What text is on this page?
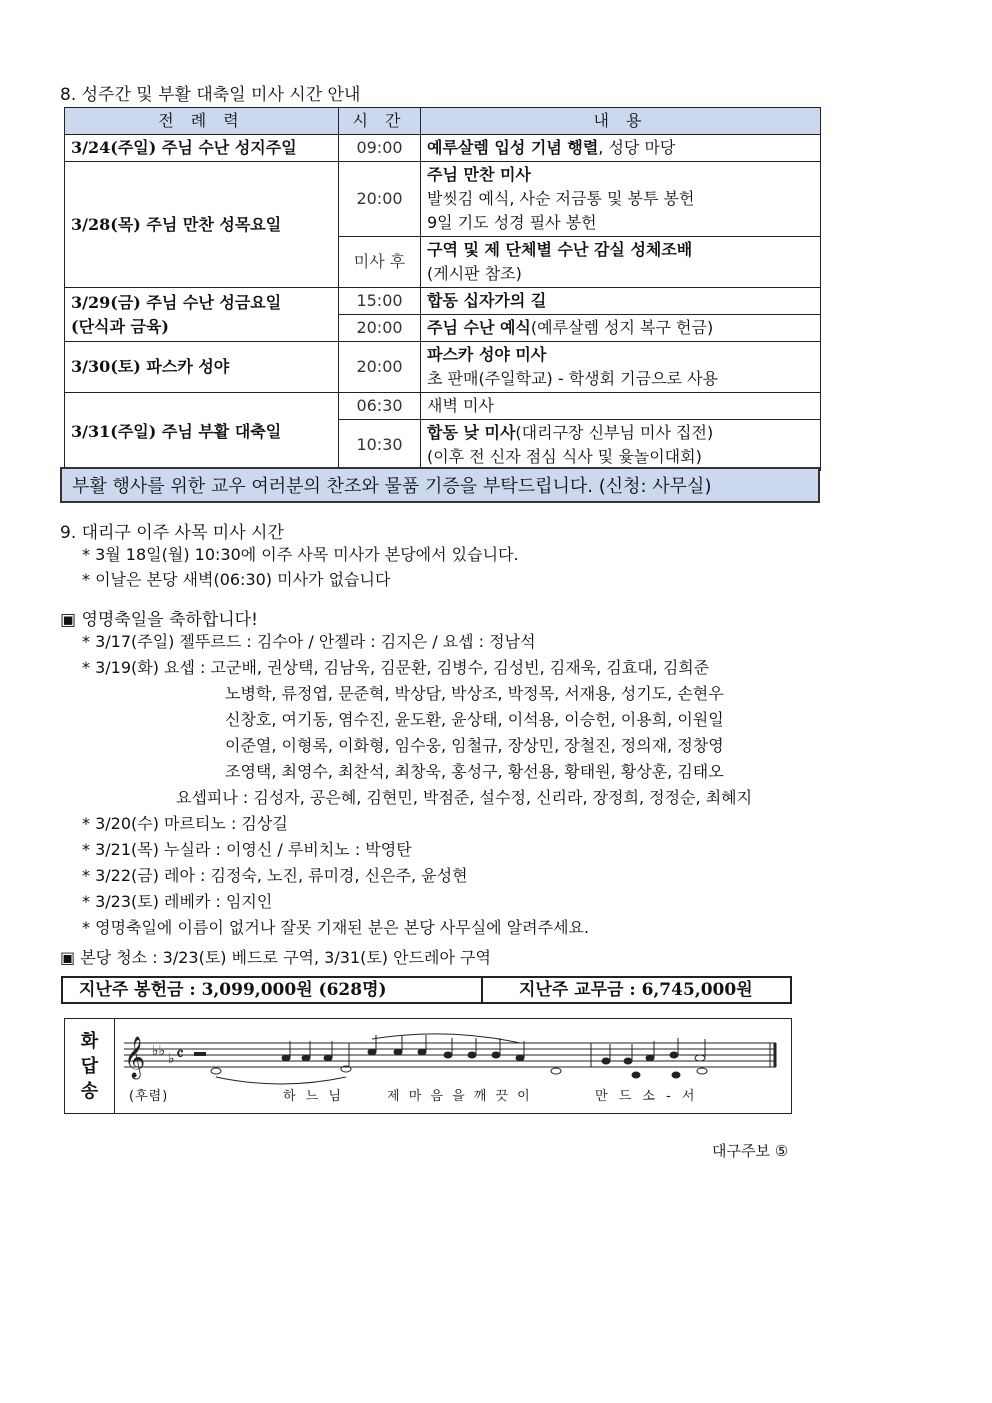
8. 성주간 및 부활 대축일 미사 시간 안내
전 례 력	시 간	내 용
3/24(주일) 주님 수난 성지주일	09:00	예루살렘 입성 기념 행렬, 성당 마당
3/28(목) 주님 만찬 성목요일	20:00	주님 만찬 미사
발씻김 예식, 사순 저금통 및 봉투 봉헌
9일 기도 성경 필사 봉헌
	미사 후	구역 및 제 단체별 수난 감실 성체조배
(게시판 참조)
3/29(금) 주님 수난 성금요일
(단식과 금육)	15:00	합동 십자가의 길
	20:00	주님 수난 예식(예루살렘 성지 복구 헌금)
3/30(토) 파스카 성야	20:00	파스카 성야 미사
초 판매(주일학교) - 학생회 기금으로 사용
3/31(주일) 주님 부활 대축일	06:30	새벽 미사
	10:30	합동 낮 미사(대리구장 신부님 미사 집전)
(이후 전 신자 점심 식사 및 윷놀이대회)
부활 행사를 위한 교우 여러분의 찬조와 물품 기증을 부탁드립니다. (신청: 사무실)
9. 대리구 이주 사목 미사 시간
* 3월 18일(월) 10:30에 이주 사목 미사가 본당에서 있습니다.
* 이날은 본당 새벽(06:30) 미사가 없습니다
▣ 영명축일을 축하합니다!
* 3/17(주일) 젤뚜르드 : 김수아 / 안젤라 : 김지은 / 요셉 : 정남석
* 3/19(화) 요셉 : 고군배, 권상택, 김남욱, 김문환, 김병수, 김성빈, 김재욱, 김효대, 김희준
노병학, 류정엽, 문준혁, 박상담, 박상조, 박정목, 서재용, 성기도, 손현우
신창호, 여기동, 염수진, 윤도환, 윤상태, 이석용, 이승헌, 이용희, 이원일
이준열, 이형록, 이화형, 임수웅, 임철규, 장상민, 장철진, 정의재, 정창영
조영택, 최영수, 최찬석, 최창욱, 홍성구, 황선용, 황태원, 황상훈, 김태오
요셉피나 : 김성자, 공은혜, 김현민, 박점준, 설수정, 신리라, 장정희, 정정순, 최혜지
* 3/20(수) 마르티노 : 김상길
* 3/21(목) 누실라 : 이영신 / 루비치노 : 박영탄
* 3/22(금) 레아 : 김정숙, 노진, 류미경, 신은주, 윤성현
* 3/23(토) 레베카 : 임지인
* 영명축일에 이름이 없거나 잘못 기재된 분은 본당 사무실에 알려주세요.
▣ 본당 청소 : 3/23(토) 베드로 구역, 3/31(토) 안드레아 구역
지난주 봉헌금 : 3,099,000원 (628명)	지난주 교무금 : 6,745,000원
화
답
송
𝄞 ♭♭ ♭ 𝄴
(후렴)	하 느 님	제 마 음 을 깨 끗 이	만 드 소 - 서
대구주보 ⑤
